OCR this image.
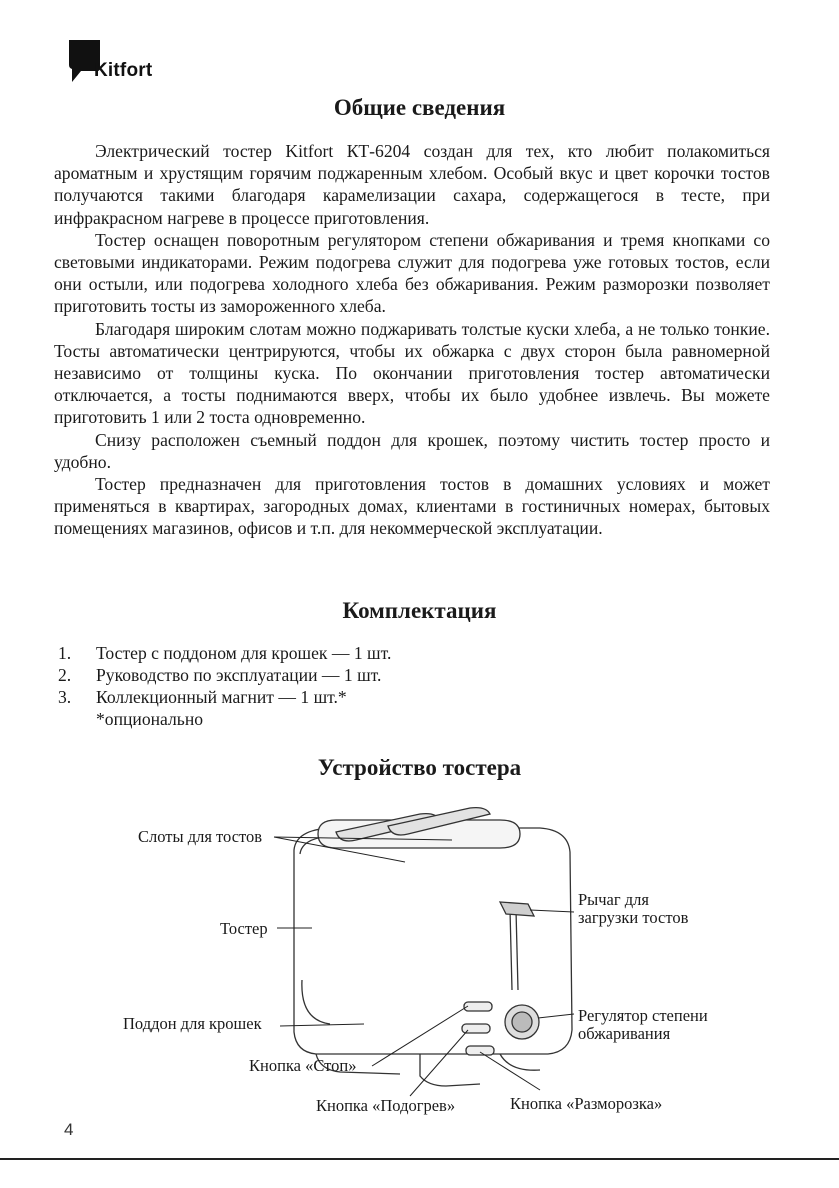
Kitfort
Общие сведения

Электрический тостер Kitfort КТ-6204 создан для тех, кто любит полакомиться ароматным и хрустящим горячим поджаренным хлебом. Особый вкус и цвет корочки тостов получаются такими благодаря карамелизации сахара, содержащегося в тесте, при инфракрасном нагреве в процессе приготовления.

Тостер оснащен поворотным регулятором степени обжаривания и тремя кнопками со световыми индикаторами. Режим подогрева служит для подогрева уже готовых тостов, если они остыли, или подогрева холодного хлеба без обжаривания. Режим разморозки позволяет приготовить тосты из замороженного хлеба.

Благодаря широким слотам можно поджаривать толстые куски хлеба, а не только тонкие. Тосты автоматически центрируются, чтобы их обжарка с двух сторон была равномерной независимо от толщины куска. По окончании приготовления тостер автоматически отключается, а тосты поднимаются вверх, чтобы их было удобнее извлечь. Вы можете приготовить 1 или 2 тоста одновременно.

Снизу расположен съемный поддон для крошек, поэтому чистить тостер просто и удобно.

Тостер предназначен для приготовления тостов в домашних условиях и может применяться в квартирах, загородных домах, клиентами в гостиничных номерах, бытовых помещениях магазинов, офисов и т.п. для некоммерческой эксплуатации.

Комплектация
1. Тостер с поддоном для крошек — 1 шт.
2. Руководство по эксплуатации — 1 шт.
3. Коллекционный магнит — 1 шт.*
*опционально
Устройство тостера
Слоты для тостов
Тостер
Поддон для крошек
Кнопка «Стоп»
Кнопка «Подогрев»	Кнопка «Разморозка»
Рычаг для
загрузки тостов
Регулятор степени
обжаривания
4
